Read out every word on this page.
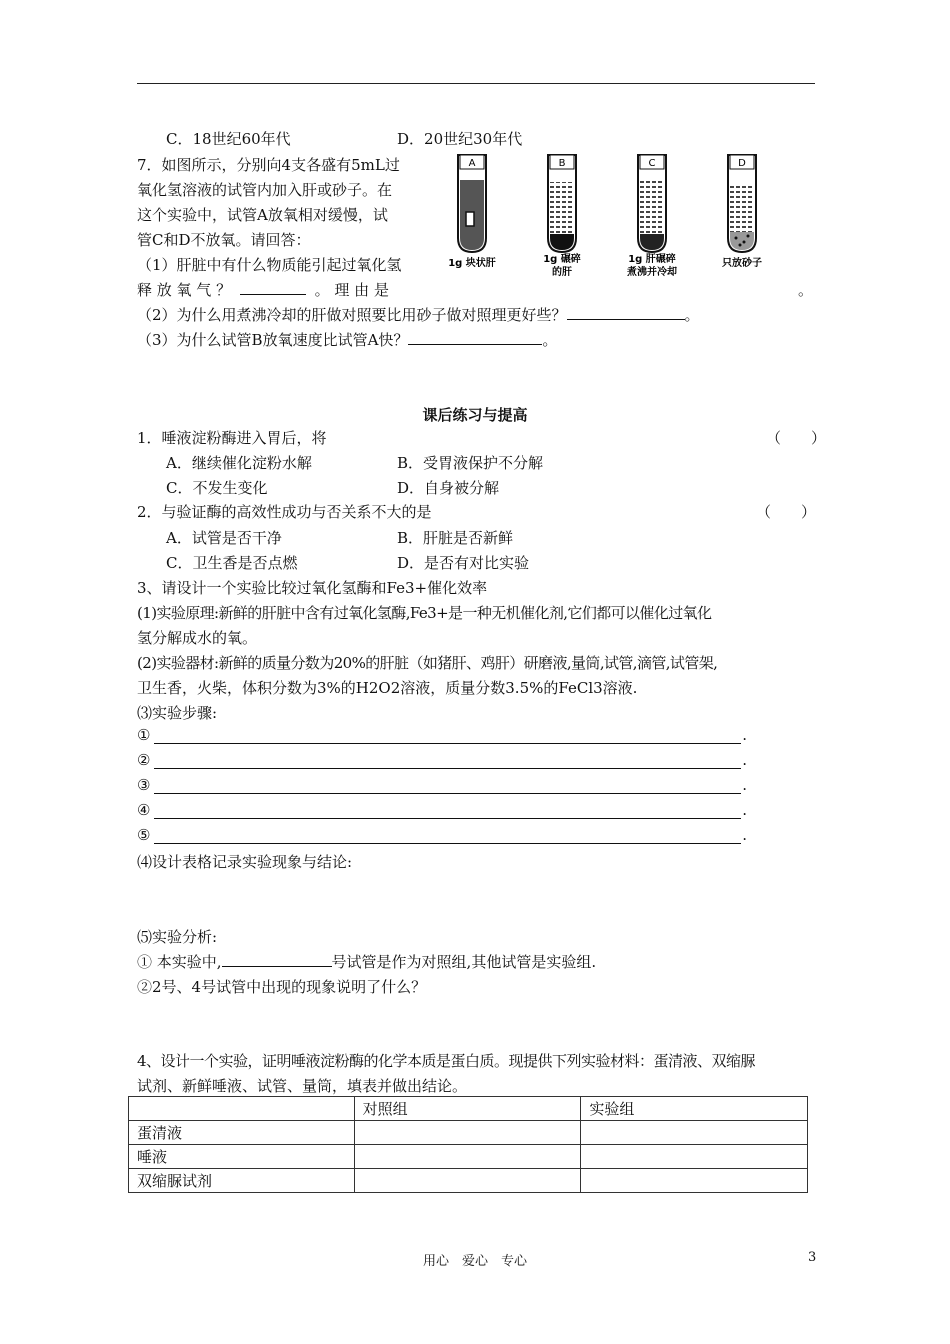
C．18世纪60年代	D．20世纪30年代
7．如图所示，分别向4支各盛有5mL过
氧化氢溶液的试管内加入肝或砂子。在
这个实验中，试管A放氧相对缓慢，试
管C和D不放氧。请回答：
（1）肝脏中有什么物质能引起过氧化氢
释 放 氧 气 ？	。 理 由 是	。
（2）为什么用煮沸冷却的肝做对照要比用砂子做对照理更好些？	。
（3）为什么试管B放氧速度比试管A快？	。
A	B	C	D
1g 块状肝	1g 碾碎的肝
1g 肝碾碎煮沸并冷却
只放砂子
课后练习与提高
1．唾液淀粉酶进入胃后，将	（　　）
A．继续催化淀粉水解	B．受胃液保护不分解
C．不发生变化	D．自身被分解
2．与验证酶的高效性成功与否关系不大的是	（　　）
A．试管是否干净	B．肝脏是否新鲜
C．卫生香是否点燃	D．是否有对比实验
3、请设计一个实验比较过氧化氢酶和Fe3+催化效率
(1)实验原理:新鲜的肝脏中含有过氧化氢酶,Fe3+是一种无机催化剂,它们都可以催化过氧化
氢分解成水的氧。
(2)实验器材:新鲜的质量分数为20%的肝脏（如猪肝、鸡肝）研磨液,量筒,试管,滴管,试管架,
卫生香，火柴，体积分数为3%的H2O2溶液，质量分数3.5%的FeCl3溶液.
⑶实验步骤:
①	.
②	.
③	.
④	.
⑤	.
⑷设计表格记录实验现象与结论:
⑸实验分析:
① 本实验中,	号试管是作为对照组,其他试管是实验组.
②2号、4号试管中出现的现象说明了什么？
4、设计一个实验，证明唾液淀粉酶的化学本质是蛋白质。现提供下列实验材料：蛋清液、双缩脲
试剂、新鲜唾液、试管、量筒，填表并做出结论。
	对照组	实验组
蛋清液		
唾液		
双缩脲试剂		
用心　爱心　专心	3
